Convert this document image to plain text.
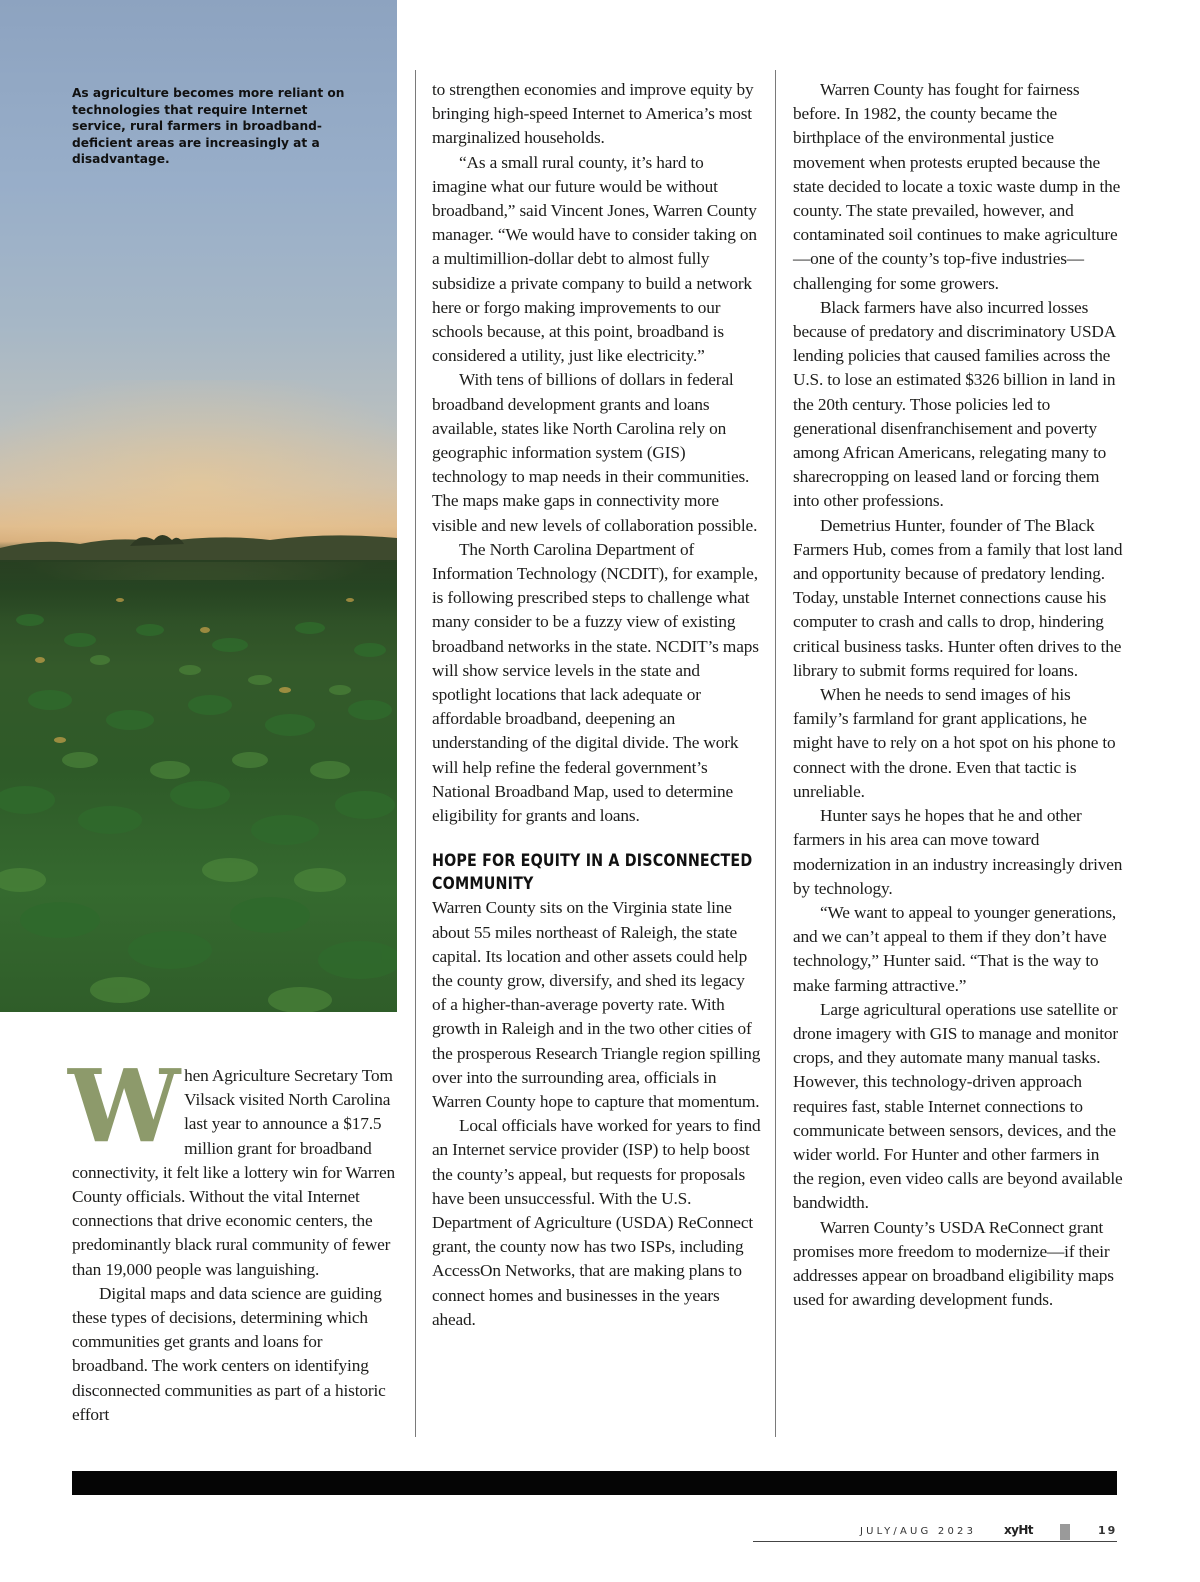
As agriculture becomes more reliant on technologies that require Internet service, rural farmers in broadband-deficient areas are increasingly at a disadvantage.

W hen Agriculture Secretary Tom Vilsack visited North Carolina last year to announce a $17.5 million grant for broadband connectivity, it felt like a lottery win for Warren County officials. Without the vital Internet connections that drive economic centers, the predominantly black rural community of fewer than 19,000 people was languishing.

Digital maps and data science are guiding these types of decisions, determining which communities get grants and loans for broadband. The work centers on identifying disconnected communities as part of a historic effort

to strengthen economies and improve equity by bringing high-speed Internet to America’s most marginalized households.

“As a small rural county, it’s hard to imagine what our future would be without broadband,” said Vincent Jones, Warren County manager. “We would have to consider taking on a multimillion-dollar debt to almost fully subsidize a private company to build a network here or forgo making improvements to our schools because, at this point, broadband is considered a utility, just like electricity.”

With tens of billions of dollars in federal broadband development grants and loans available, states like North Carolina rely on geographic information system (GIS) technology to map needs in their communities. The maps make gaps in connectivity more visible and new levels of collaboration possible.

The North Carolina Department of Information Technology (NCDIT), for example, is following prescribed steps to challenge what many consider to be a fuzzy view of existing broadband networks in the state. NCDIT’s maps will show service levels in the state and spotlight locations that lack adequate or affordable broadband, deepening an understanding of the digital divide. The work will help refine the federal government’s National Broadband Map, used to determine eligibility for grants and loans.

HOPE FOR EQUITY IN A DISCONNECTED COMMUNITY

Warren County sits on the Virginia state line about 55 miles northeast of Raleigh, the state capital. Its location and other assets could help the county grow, diversify, and shed its legacy of a higher-than-average poverty rate. With growth in Raleigh and in the two other cities of the prosperous Research Triangle region spilling over into the surrounding area, officials in Warren County hope to capture that momentum.

Local officials have worked for years to find an Internet service provider (ISP) to help boost the county’s appeal, but requests for proposals have been unsuccessful. With the U.S. Department of Agriculture (USDA) ReConnect grant, the county now has two ISPs, including AccessOn Networks, that are making plans to connect homes and businesses in the years ahead.

Warren County has fought for fairness before. In 1982, the county became the birthplace of the environmental justice movement when protests erupted because the state decided to locate a toxic waste dump in the county. The state prevailed, however, and contaminated soil continues to make agriculture—one of the county’s top-five industries—challenging for some growers.

Black farmers have also incurred losses because of predatory and discriminatory USDA lending policies that caused families across the U.S. to lose an estimated $326 billion in land in the 20th century. Those policies led to generational disenfranchisement and poverty among African Americans, relegating many to sharecropping on leased land or forcing them into other professions.

Demetrius Hunter, founder of The Black Farmers Hub, comes from a family that lost land and opportunity because of predatory lending. Today, unstable Internet connections cause his computer to crash and calls to drop, hindering critical business tasks. Hunter often drives to the library to submit forms required for loans.

When he needs to send images of his family’s farmland for grant applications, he might have to rely on a hot spot on his phone to connect with the drone. Even that tactic is unreliable.

Hunter says he hopes that he and other farmers in his area can move toward modernization in an industry increasingly driven by technology.

“We want to appeal to younger generations, and we can’t appeal to them if they don’t have technology,” Hunter said. “That is the way to make farming attractive.”

Large agricultural operations use satellite or drone imagery with GIS to manage and monitor crops, and they automate many manual tasks. However, this technology-driven approach requires fast, stable Internet connections to communicate between sensors, devices, and the wider world. For Hunter and other farmers in the region, even video calls are beyond available bandwidth.

Warren County’s USDA ReConnect grant promises more freedom to modernize—if their addresses appear on broadband eligibility maps used for awarding development funds.

JULY/AUG 2023 xyHt	19
